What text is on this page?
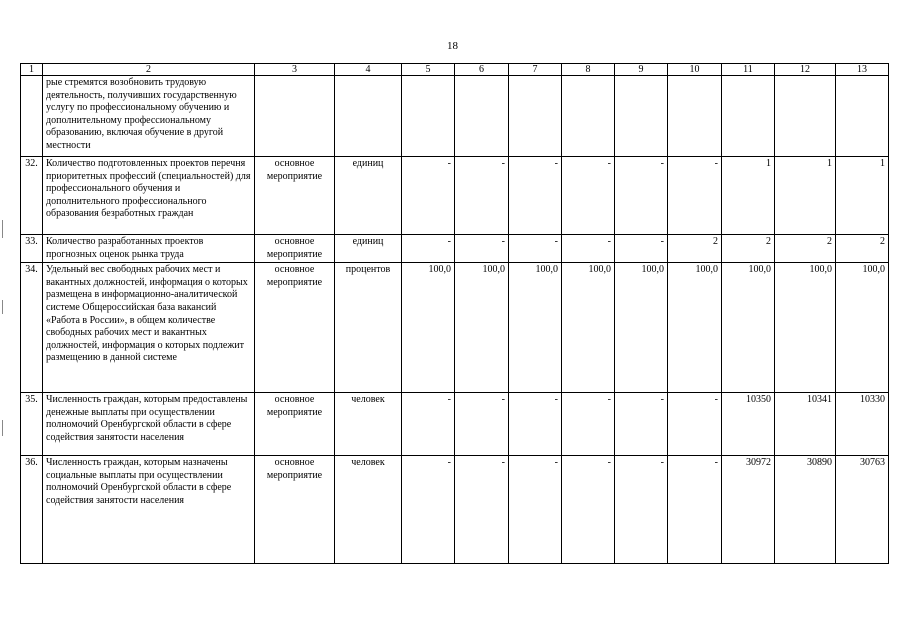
18
1	2	3	4	5	6	7	8	9	10	11	12	13
	рые стремятся возобновить трудовую деятельность, получивших государственную услугу по профессиональному обучению и дополнительному профессиональному образованию, включая обучение в другой местности											
32.	Количество подготовленных проектов перечня приоритетных профессий (специальностей) для профессионального обучения и дополнительного профессионального образования безработных граждан	основное мероприятие	единиц	-	-	-	-	-	-	1	1	1
33.	Количество разработанных проектов прогнозных оценок рынка труда	основное мероприятие	единиц	-	-	-	-	-	2	2	2	2
34.	Удельный вес свободных рабочих мест и вакантных должностей, информация о которых размещена в информационно-аналитической системе Общероссийская база вакансий «Работа в России», в общем количестве свободных рабочих мест и вакантных должностей, информация о которых подлежит размещению в данной системе	основное мероприятие	процентов	100,0	100,0	100,0	100,0	100,0	100,0	100,0	100,0	100,0
35.	Численность граждан, которым предоставлены денежные выплаты при осуществлении полномочий Оренбургской области в сфере содействия занятости населения	основное мероприятие	человек	-	-	-	-	-	-	10350	10341	10330
36.	Численность граждан, которым назначены социальные выплаты при осуществлении полномочий Оренбургской области в сфере содействия занятости населения	основное мероприятие	человек	-	-	-	-	-	-	30972	30890	30763
